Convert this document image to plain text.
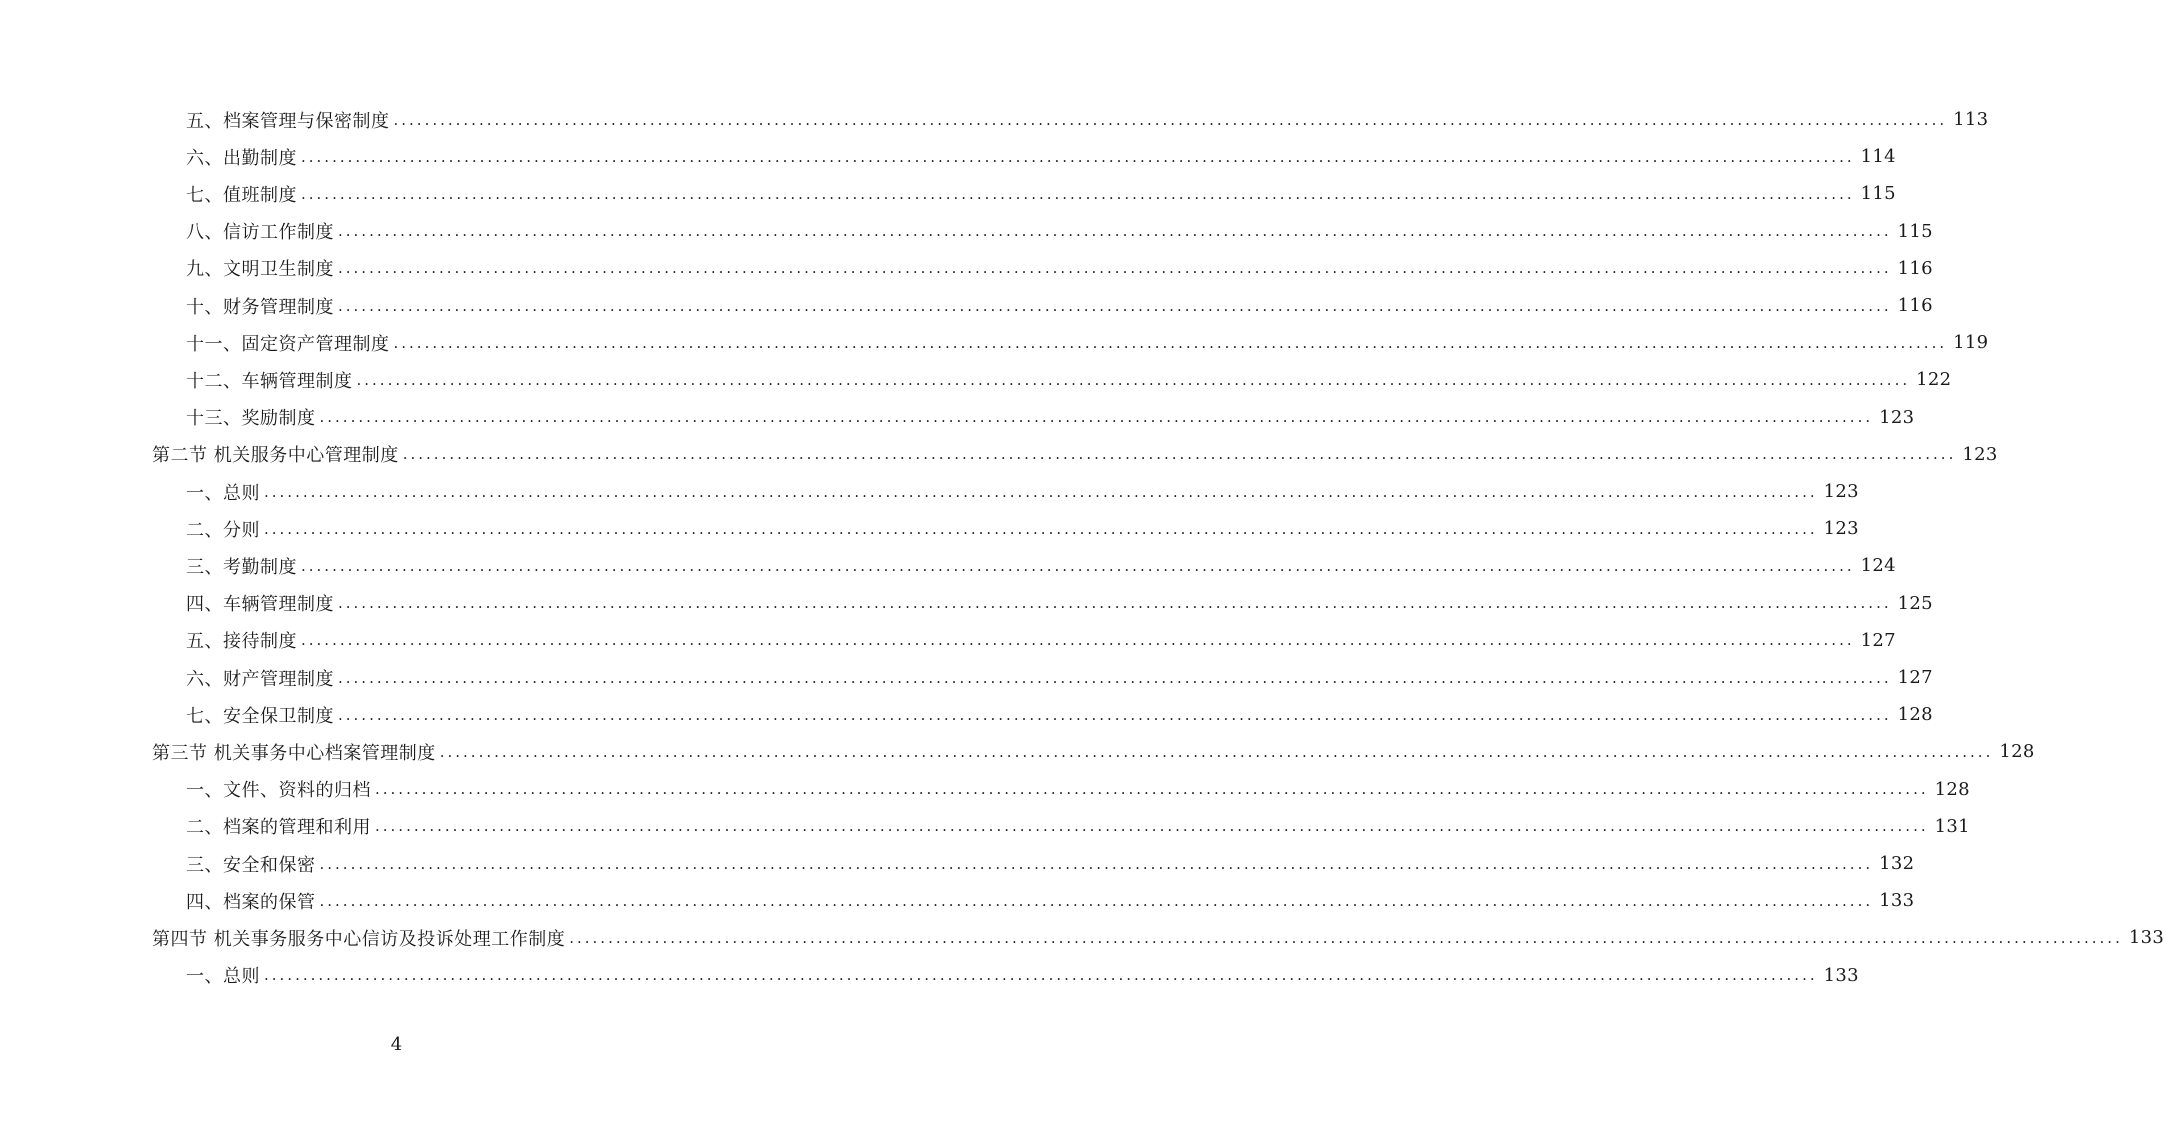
五、档案管理与保密制度 ........................................................................................................................................................................................................ 113
六、出勤制度 ........................................................................................................................................................................................................ 114
七、值班制度 ........................................................................................................................................................................................................ 115
八、信访工作制度 ........................................................................................................................................................................................................ 115
九、文明卫生制度 ........................................................................................................................................................................................................ 116
十、财务管理制度 ........................................................................................................................................................................................................ 116
十一、固定资产管理制度 ........................................................................................................................................................................................................ 119
十二、车辆管理制度 ........................................................................................................................................................................................................ 122
十三、奖励制度 ........................................................................................................................................................................................................ 123
第二节 机关服务中心管理制度 ........................................................................................................................................................................................................ 123
一、总则 ........................................................................................................................................................................................................ 123
二、分则 ........................................................................................................................................................................................................ 123
三、考勤制度 ........................................................................................................................................................................................................ 124
四、车辆管理制度 ........................................................................................................................................................................................................ 125
五、接待制度 ........................................................................................................................................................................................................ 127
六、财产管理制度 ........................................................................................................................................................................................................ 127
七、安全保卫制度 ........................................................................................................................................................................................................ 128
第三节 机关事务中心档案管理制度 ........................................................................................................................................................................................................ 128
一、文件、资料的归档 ........................................................................................................................................................................................................ 128
二、档案的管理和利用 ........................................................................................................................................................................................................ 131
三、安全和保密 ........................................................................................................................................................................................................ 132
四、档案的保管 ........................................................................................................................................................................................................ 133
第四节 机关事务服务中心信访及投诉处理工作制度 ........................................................................................................................................................................................................ 133
一、总则 ........................................................................................................................................................................................................ 133
4
